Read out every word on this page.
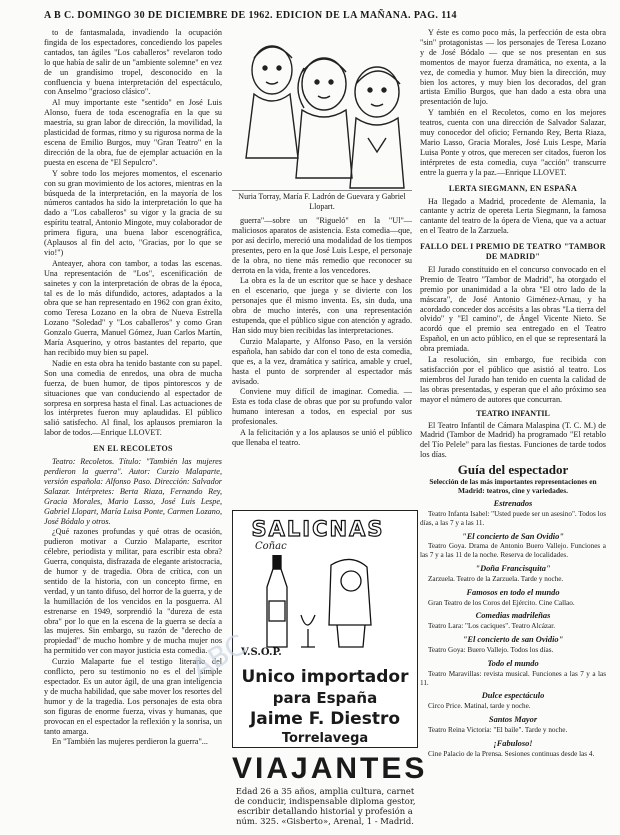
A B C. DOMINGO 30 DE DICIEMBRE DE 1962. EDICION DE LA MAÑANA. PAG. 114

to de fantasmalada, invadiendo la ocupación fingida de los espectadores, concediendo los papeles cantados, tan ágiles "Los caballeros" revelaron todo lo que había de salir de un "ambiente solemne" en vez de un grandísimo tropel, desconocido en la confluencia y buena interpretación del espectáculo, con Anselmo "gracioso clásico".

Al muy importante este "sentido" en José Luis Alonso, fuera de toda escenografía en la que su maestría, su gran labor de dirección, la movilidad, la plasticidad de formas, ritmo y su rigurosa norma de la escena de Emilio Burgos, muy "Gran Teatro" en la dirección de la obra, fue de ejemplar actuación en la puesta en escena de "El Sepulcro".

Y sobre todo los mejores momentos, el escenario con su gran movimiento de los actores, mientras en la búsqueda de la interpretación, en la mayoría de los números cantados ha sido la interpretación lo que ha dado a "Los caballeros" su vigor y la gracia de su espíritu teatral, Antonio Mingote, muy colaborador de primera figura, una buena labor escenográfica, (Aplausos al fin del acto, "Gracias, por lo que se vio!")

Anteayer, ahora con tambor, a todas las escenas. Una representación de "Los", escenificación de sainetes y con la interpretación de obras de la época, tal es de lo más difundido, actores, adaptados a la obra que se han representado en 1962 con gran éxito, como Teresa Lozano en la obra de Nueva Estrella Lozano "Soledad" y "Los caballeros" y como Gran Gonzalo Guerra, Manuel Gómez, Juan Carlos Martín, María Asquerino, y otros bastantes del reparto, que han recibido muy bien su papel.

Nadie en esta obra ha tenido bastante con su papel. Son una comedia de enredos, una obra de mucha fuerza, de buen humor, de tipos pintorescos y de situaciones que van conduciendo al espectador de sorpresa en sorpresa hasta el final. Las actuaciones de los intérpretes fueron muy aplaudidas. El público salió satisfecho. Al final, los aplausos premiaron la labor de todos.—Enrique LLOVET.

EN EL RECOLETOS

Teatro: Recoletos. Título: "También las mujeres perdieron la guerra". Autor: Curzio Malaparte, versión española: Alfonso Paso. Dirección: Salvador Salazar. Intérpretes: Berta Riaza, Fernando Rey, Gracia Morales, Mario Lasso, José Luis Lespe, Gabriel Llopart, María Luisa Ponte, Carmen Lozano, José Bódalo y otros.

¿Qué razones profundas y qué otras de ocasión, pudieron motivar a Curzio Malaparte, escritor célebre, periodista y militar, para escribir esta obra? Guerra, conquista, disfrazada de elegante aristocracia, de humor y de tragedia. Obra de crítica, con un sentido de la historia, con un concepto firme, en verdad, y un tanto difuso, del horror de la guerra, y de la humillación de los vencidos en la posguerra. Al estrenarse en 1949, sorprendió la "dureza de esta obra" por lo que en la escena de la guerra se decía a las mujeres. Sin embargo, su razón de "derecho de propiedad" de mucho hombre y de mucha mujer nos ha permitido ver con mayor justicia esta comedia.

Curzio Malaparte fue el testigo literario del conflicto, pero su testimonio no es el del simple espectador. Es un autor ágil, de una gran inteligencia y de mucha habilidad, que sabe mover los resortes del humor y de la tragedia. Los personajes de esta obra son figuras de enorme fuerza, vivas y humanas, que provocan en el espectador la reflexión y la sonrisa, un tanto amarga.

En "También las mujeres perdieron la guerra"...

Nuria Torray, María F. Ladrón de Guevara y Gabriel Llopart.

guerra"—sobre un "Rigueló" en la "Ul"—maliciosos aparatos de asistencia. Esta comedia—que, por así decirlo, mereció una modalidad de los tiempos presentes, pero en la que José Luis Lespe, el personaje de la obra, no tiene más remedio que reconocer su derrota en la vida, frente a los vencedores.

La obra es la de un escritor que se hace y deshace en el escenario, que juega y se divierte con los personajes que él mismo inventa. Es, sin duda, una obra de mucho interés, con una representación estupenda, que el público sigue con atención y agrado. Han sido muy bien recibidas las interpretaciones.

Curzio Malaparte, y Alfonso Paso, en la versión española, han sabido dar con el tono de esta comedia, que es, a la vez, dramática y satírica, amable y cruel, hasta el punto de sorprender al espectador más avisado.

Conviene muy difícil de imaginar. Comedia. — Esta es toda clase de obras que por su profundo valor humano interesan a todos, en especial por sus profesionales.

A la felicitación y a los aplausos se unió el público que llenaba el teatro.

SALICNAS
Coñac
V.S.O.P.
Unico importador
para España
Jaime F. Diestro
Torrelavega
VIAJANTES
Edad 26 a 35 años, amplia cultura, carnet de conducir, indispensable diploma gestor, escribir detallando historial y profesión a núm. 325. «Gisberto», Arenal, 1 - Madrid.
ABC

Y éste es como poco más, la perfección de esta obra "sin" protagonistas — los personajes de Teresa Lozano y de José Bódalo — que se nos presentan en sus momentos de mayor fuerza dramática, no exenta, a la vez, de comedia y humor. Muy bien la dirección, muy bien los actores, y muy bien los decorados, del gran artista Emilio Burgos, que han dado a esta obra una presentación de lujo.

Y también en el Recoletos, como en los mejores teatros, cuenta con una dirección de Salvador Salazar, muy conocedor del oficio; Fernando Rey, Berta Riaza, Mario Lasso, Gracia Morales, José Luis Lespe, María Luisa Ponte y otros, que merecen ser citados, fueron los intérpretes de esta comedia, cuya "acción" transcurre entre la guerra y la paz.—Enrique LLOVET.

LERTA SIEGMANN, EN ESPAÑA

Ha llegado a Madrid, procedente de Alemania, la cantante y actriz de opereta Lerta Siegmann, la famosa cantante del teatro de la ópera de Viena, que va a actuar en el Teatro de la Zarzuela.

FALLO DEL I PREMIO DE TEATRO "TAMBOR DE MADRID"

El Jurado constituido en el concurso convocado en el Premio de Teatro "Tambor de Madrid", ha otorgado el premio por unanimidad a la obra "El otro lado de la máscara", de José Antonio Giménez-Arnau, y ha acordado conceder dos accésits a las obras "La tierra del olvido" y "El camino", de Ángel Vicente Nieto. Se acordó que el premio sea entregado en el Teatro Español, en un acto público, en el que se representará la obra premiada.

La resolución, sin embargo, fue recibida con satisfacción por el público que asistió al teatro. Los miembros del Jurado han tenido en cuenta la calidad de las obras presentadas, y esperan que el año próximo sea mayor el número de autores que concurran.

TEATRO INFANTIL

El Teatro Infantil de Cámara Malaspina (T. C. M.) de Madrid (Tambor de Madrid) ha programado "El retablo del Tío Pelele" para las fiestas. Funciones de tarde todos los días.

Guía del espectador
Selección de las más importantes representaciones en Madrid: teatros, cine y variedades.
Estrenados

Teatro Infanta Isabel: "Usted puede ser un asesino". Todos los días, a las 7 y a las 11.

"El concierto de San Ovidio"

Teatro Goya. Drama de Antonio Buero Vallejo. Funciones a las 7 y a las 11 de la noche. Reserva de localidades.

"Doña Francisquita"

Zarzuela. Teatro de la Zarzuela. Tarde y noche.

Famosos en todo el mundo

Gran Teatro de los Coros del Ejército. Cine Callao.

Comedias madrileñas

Teatro Lara: "Los caciques". Teatro Alcázar.

"El concierto de san Ovidio"

Teatro Goya: Buero Vallejo. Todos los días.

Todo el mundo

Teatro Maravillas: revista musical. Funciones a las 7 y a las 11.

Dulce espectáculo

Circo Price. Matinal, tarde y noche.

Santos Mayor

Teatro Reina Victoria: "El baile". Tarde y noche.

¡Fabuloso!

Cine Palacio de la Prensa. Sesiones continuas desde las 4.
